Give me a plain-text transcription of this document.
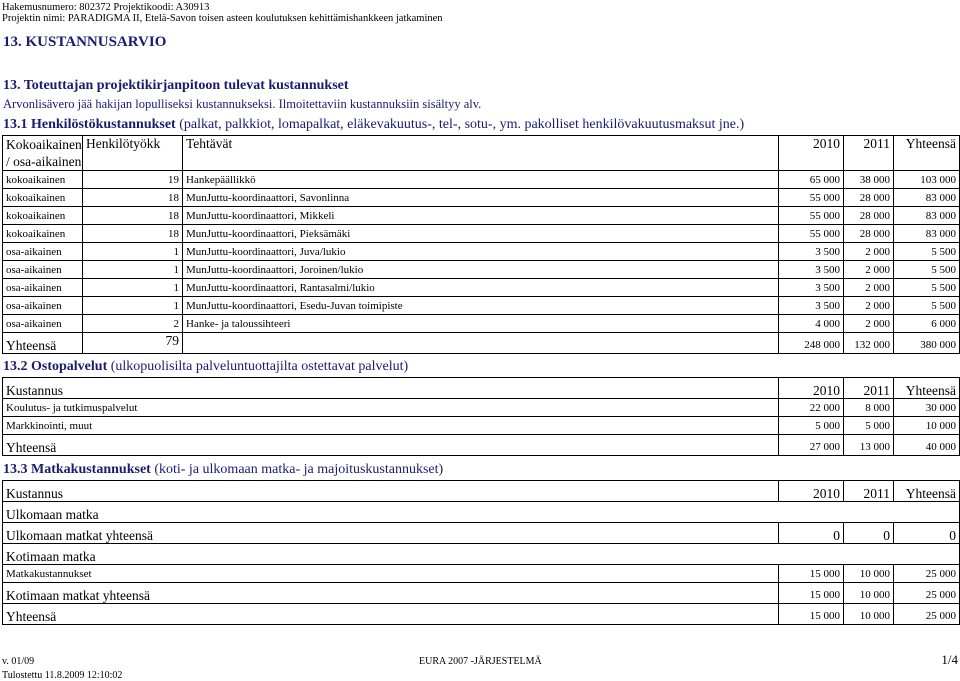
Hakemusnumero: 802372 Projektikoodi: A30913
Projektin nimi: PARADIGMA II, Etelä-Savon toisen asteen koulutuksen kehittämishankkeen jatkaminen
13. KUSTANNUSARVIO
13. Toteuttajan projektikirjanpitoon tulevat kustannukset
Arvonlisävero jää hakijan lopulliseksi kustannukseksi. Ilmoitettaviin kustannuksiin sisältyy alv.
13.1 Henkilöstökustannukset (palkat, palkkiot, lomapalkat, eläkevakuutus-, tel-, sotu-, ym. pakolliset henkilövakuutusmaksut jne.)
Kokoaikainen
/ osa-aikainen	Henkilötyökk	Tehtävät	2010	2011	Yhteensä
kokoaikainen	19	Hankepäällikkö	65 000	38 000	103 000
kokoaikainen	18	MunJuttu-koordinaattori, Savonlinna	55 000	28 000	83 000
kokoaikainen	18	MunJuttu-koordinaattori, Mikkeli	55 000	28 000	83 000
kokoaikainen	18	MunJuttu-koordinaattori, Pieksämäki	55 000	28 000	83 000
osa-aikainen	1	MunJuttu-koordinaattori, Juva/lukio	3 500	2 000	5 500
osa-aikainen	1	MunJuttu-koordinaattori, Joroinen/lukio	3 500	2 000	5 500
osa-aikainen	1	MunJuttu-koordinaattori, Rantasalmi/lukio	3 500	2 000	5 500
osa-aikainen	1	MunJuttu-koordinaattori, Esedu-Juvan toimipiste	3 500	2 000	5 500
osa-aikainen	2	Hanke- ja taloussihteeri	4 000	2 000	6 000
Yhteensä	79		248 000	132 000	380 000
13.2 Ostopalvelut (ulkopuolisilta palveluntuottajilta ostettavat palvelut)
Kustannus	2010	2011	Yhteensä
Koulutus- ja tutkimuspalvelut	22 000	8 000	30 000
Markkinointi, muut	5 000	5 000	10 000
Yhteensä	27 000	13 000	40 000
13.3 Matkakustannukset (koti- ja ulkomaan matka- ja majoituskustannukset)
Kustannus	2010	2011	Yhteensä
Ulkomaan matka			
Ulkomaan matkat yhteensä	0	0	0
Kotimaan matka			
Matkakustannukset	15 000	10 000	25 000
Kotimaan matkat yhteensä	15 000	10 000	25 000
Yhteensä	15 000	10 000	25 000
v. 01/09	EURA 2007 -JÄRJESTELMÄ	1/4
Tulostettu 11.8.2009 12:10:02
